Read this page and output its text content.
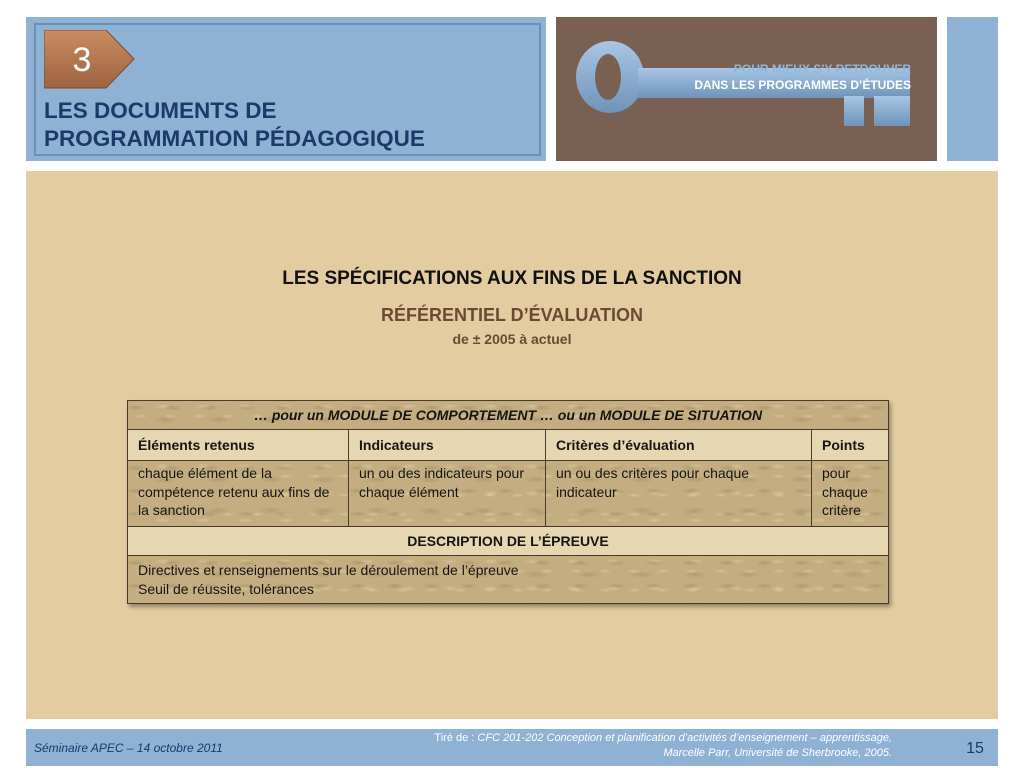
3
LES DOCUMENTS DE
PROGRAMMATION PÉDAGOGIQUE
POUR MIEUX S’Y RETROUVER
DANS LES PROGRAMMES D’ÉTUDES
LES SPÉCIFICATIONS AUX FINS DE LA SANCTION
RÉFÉRENTIEL D’ÉVALUATION
de ± 2005 à actuel
… pour un MODULE DE COMPORTEMENT … ou un MODULE DE SITUATION			
Éléments retenus	Indicateurs	Critères d’évaluation	Points
chaque élément de la compétence retenu aux fins de la sanction	un ou des indicateurs pour chaque élément	un ou des critères pour chaque indicateur	pour chaque critère
DESCRIPTION DE L’ÉPREUVE			

Directives et renseignements sur le déroulement de l’épreuve
Seuil de réussite, tolérances			
Séminaire APEC – 14 octobre 2011
Tiré de : CFC 201-202 Conception et planification d’activités d’enseignement – apprentissage,
Marcelle Parr, Université de Sherbrooke, 2005.	15
